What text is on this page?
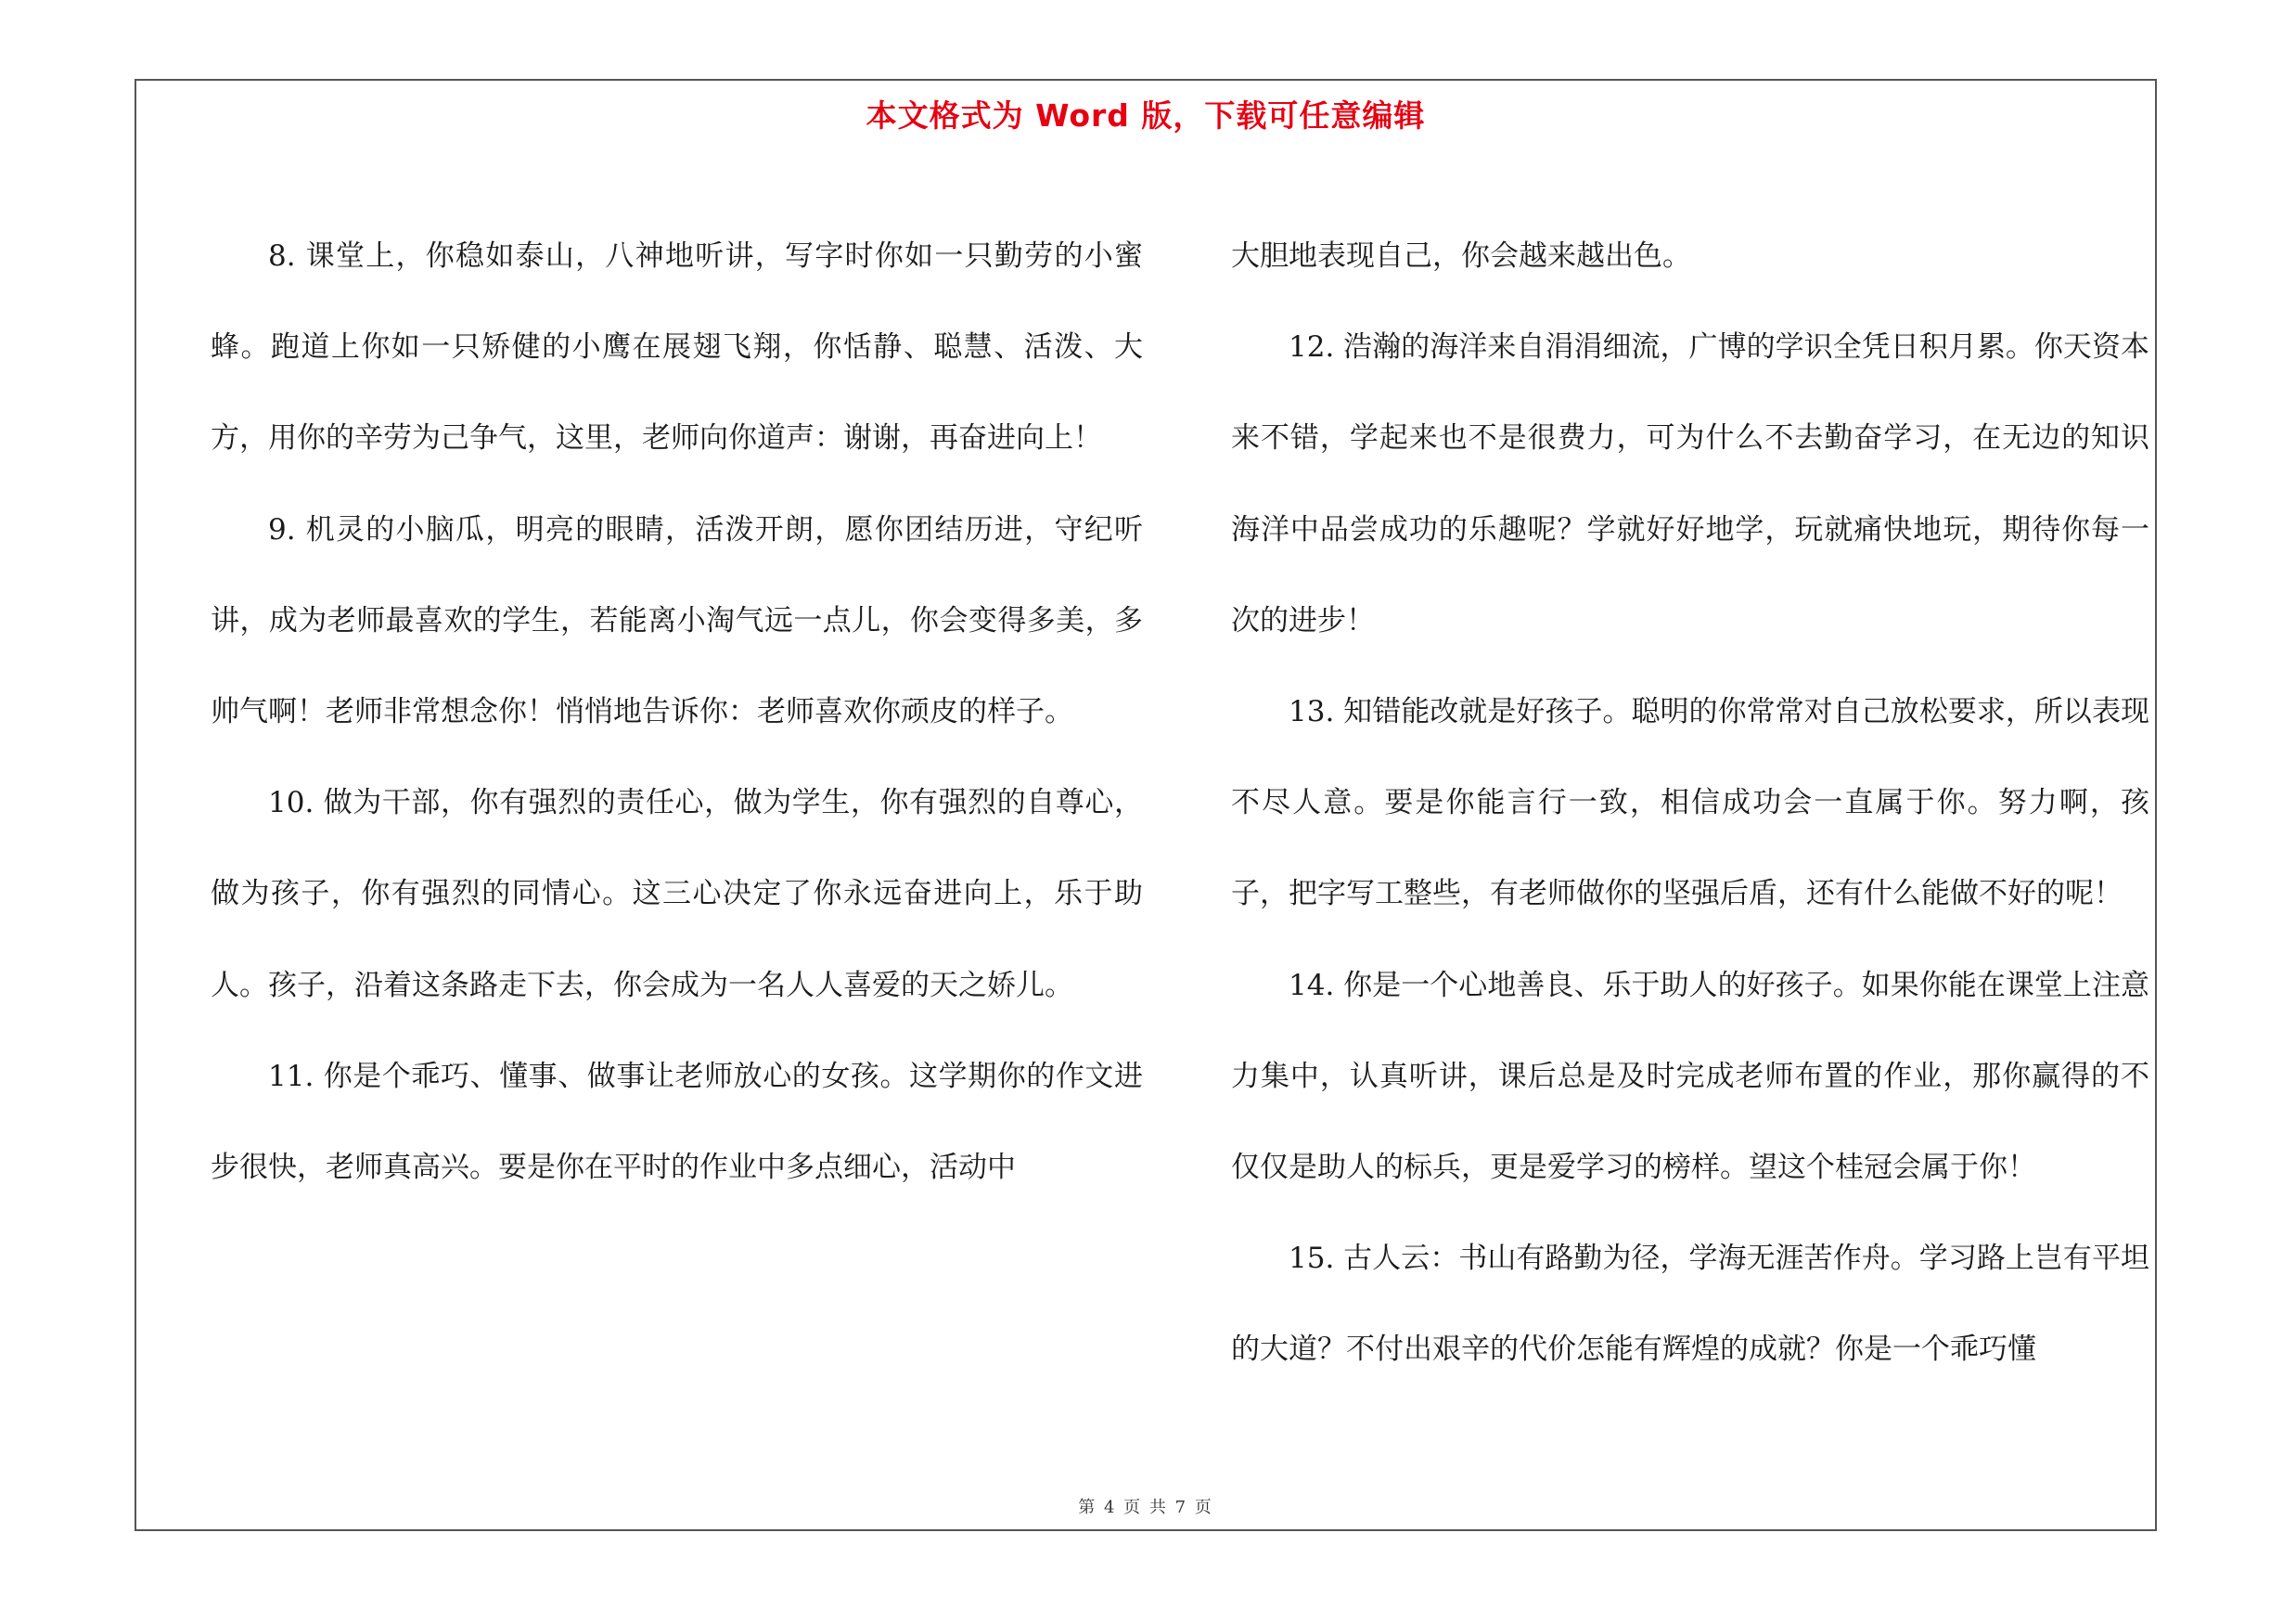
本文格式为 Word 版，下载可任意编辑

8. 课堂上，你稳如泰山，八神地听讲，写字时你如一只勤劳的小蜜蜂。跑道上你如一只矫健的小鹰在展翅飞翔，你恬静、聪慧、活泼、大方，用你的辛劳为己争气，这里，老师向你道声：谢谢，再奋进向上！

9. 机灵的小脑瓜，明亮的眼睛，活泼开朗，愿你团结历进，守纪听讲，成为老师最喜欢的学生，若能离小淘气远一点儿，你会变得多美，多帅气啊！老师非常想念你！悄悄地告诉你：老师喜欢你顽皮的样子。

10. 做为干部，你有强烈的责任心，做为学生，你有强烈的自尊心，做为孩子，你有强烈的同情心。这三心决定了你永远奋进向上，乐于助人。孩子，沿着这条路走下去，你会成为一名人人喜爱的天之娇儿。

11. 你是个乖巧、懂事、做事让老师放心的女孩。这学期你的作文进步很快，老师真高兴。要是你在平时的作业中多点细心，活动中

大胆地表现自己，你会越来越出色。

12. 浩瀚的海洋来自涓涓细流，广博的学识全凭日积月累。你天资本来不错，学起来也不是很费力，可为什么不去勤奋学习，在无边的知识海洋中品尝成功的乐趣呢？学就好好地学，玩就痛快地玩，期待你每一次的进步！

13. 知错能改就是好孩子。聪明的你常常对自己放松要求，所以表现不尽人意。要是你能言行一致，相信成功会一直属于你。努力啊，孩子，把字写工整些，有老师做你的坚强后盾，还有什么能做不好的呢！

14. 你是一个心地善良、乐于助人的好孩子。如果你能在课堂上注意力集中，认真听讲，课后总是及时完成老师布置的作业，那你赢得的不仅仅是助人的标兵，更是爱学习的榜样。望这个桂冠会属于你！

15. 古人云：书山有路勤为径，学海无涯苦作舟。学习路上岂有平坦的大道？不付出艰辛的代价怎能有辉煌的成就？你是一个乖巧懂

第 4 页 共 7 页
